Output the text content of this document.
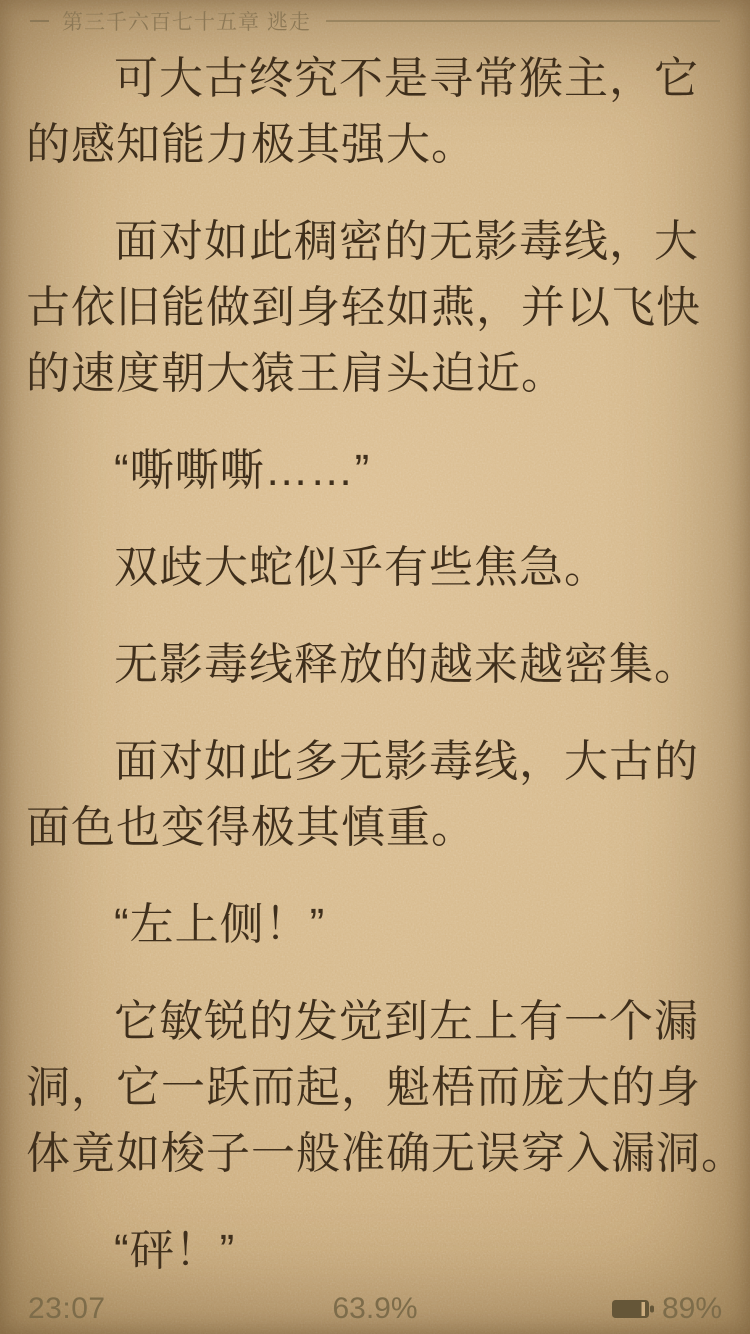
第三千六百七十五章 逃走
可大古终究不是寻常猴主，它
的感知能力极其强大。
面对如此稠密的无影毒线，大
古依旧能做到身轻如燕，并以飞快
的速度朝大猿王肩头迫近。
“嘶嘶嘶……”
双歧大蛇似乎有些焦急。
无影毒线释放的越来越密集。
面对如此多无影毒线，大古的
面色也变得极其慎重。
“左上侧！”
它敏锐的发觉到左上有一个漏
洞，它一跃而起，魁梧而庞大的身
体竟如梭子一般准确无误穿入漏洞。
“砰！”
23:07	63.9%	89%
